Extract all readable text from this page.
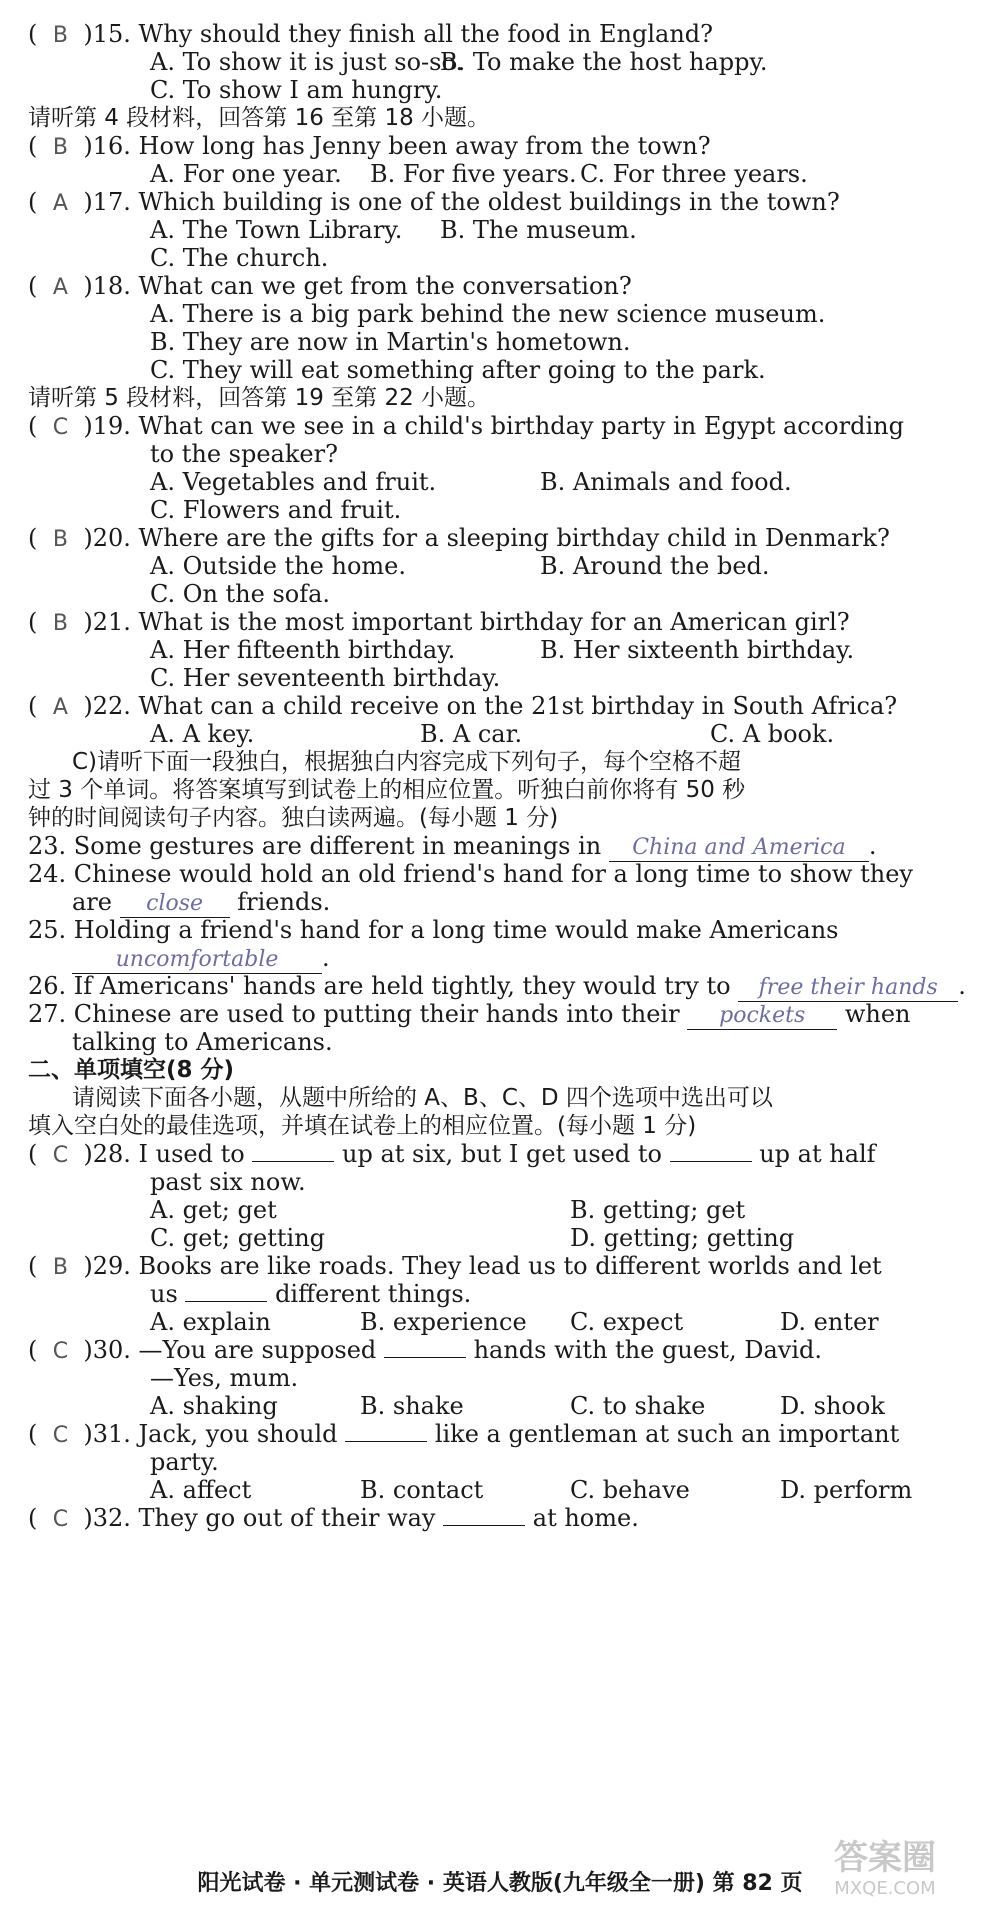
( B )15. Why should they finish all the food in England?
A. To show it is just so-so.
B. To make the host happy.
C. To show I am hungry.
请听第 4 段材料，回答第 16 至第 18 小题。
( B )16. How long has Jenny been away from the town?
A. For one year. B. For five years. C. For three years.
( A )17. Which building is one of the oldest buildings in the town?
A. The Town Library. B. The museum.
C. The church.
( A )18. What can we get from the conversation?
A. There is a big park behind the new science museum.
B. They are now in Martin's hometown.
C. They will eat something after going to the park.
请听第 5 段材料，回答第 19 至第 22 小题。
( C )19. What can we see in a child's birthday party in Egypt according
to the speaker?
A. Vegetables and fruit.	B. Animals and food.
C. Flowers and fruit.
( B )20. Where are the gifts for a sleeping birthday child in Denmark?
A. Outside the home.	B. Around the bed.
C. On the sofa.
( B )21. What is the most important birthday for an American girl?
A. Her fifteenth birthday.	B. Her sixteenth birthday.
C. Her seventeenth birthday.
( A )22. What can a child receive on the 21st birthday in South Africa?
A. A key.	B. A car.	C. A book.
C)请听下面一段独白，根据独白内容完成下列句子，每个空格不超
过 3 个单词。将答案填写到试卷上的相应位置。听独白前你将有 50 秒
钟的时间阅读句子内容。独白读两遍。(每小题 1 分)
23. Some gestures are different in meanings in China and America .
24. Chinese would hold an old friend's hand for a long time to show they
are close friends.
25. Holding a friend's hand for a long time would make Americans
uncomfortable .
26. If Americans' hands are held tightly, they would try to free their hands .
27. Chinese are used to putting their hands into their pockets when
talking to Americans.
二、单项填空(8 分)
请阅读下面各小题，从题中所给的 A、B、C、D 四个选项中选出可以
填入空白处的最佳选项，并填在试卷上的相应位置。(每小题 1 分)
( C )28. I used to	up at six, but I get used to	up at half
past six now.
A. get; get	B. getting; get
C. get; getting	D. getting; getting
( B )29. Books are like roads. They lead us to different worlds and let
us	different things.
A. explain	B. experience C. expect	D. enter
( C )30. —You are supposed	hands with the guest, David.
—Yes, mum.
A. shaking	B. shake	C. to shake	D. shook
( C )31. Jack, you should	like a gentleman at such an important
party.
A. affect	B. contact	C. behave	D. perform
( C )32. They go out of their way	at home.
阳光试卷 · 单元测试卷 · 英语人教版(九年级全一册) 第 82 页
答案圈
MXQE.COM
